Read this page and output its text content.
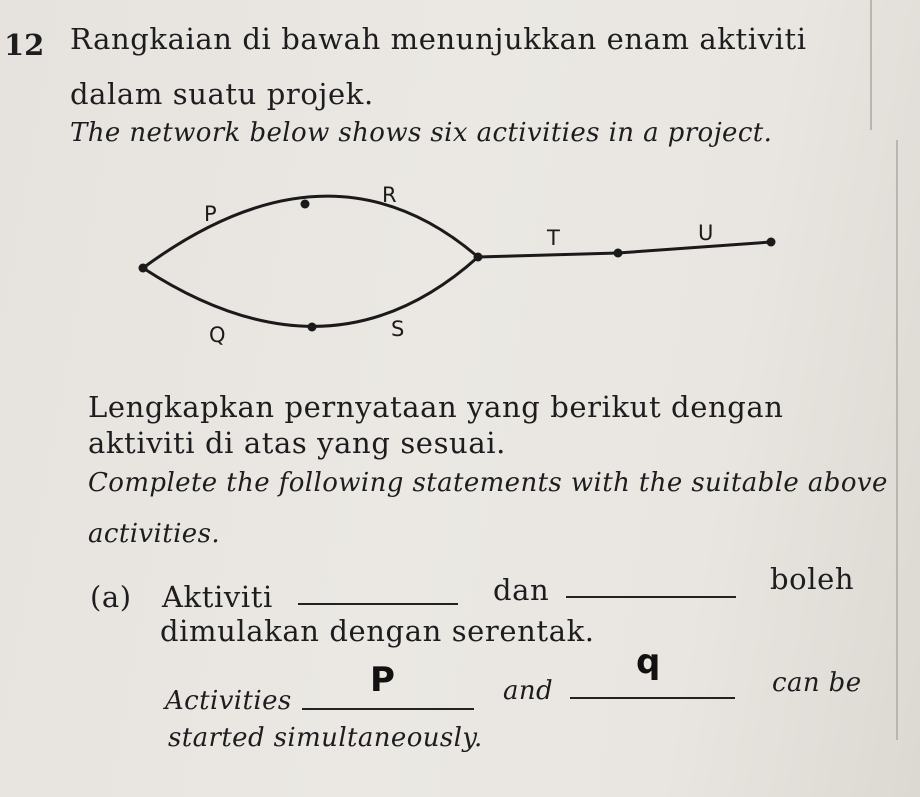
12 Rangkaian di bawah menunjukkan enam aktiviti
dalam suatu projek.
The network below shows six activities in a project.
P
R
T	U
Q	S
Lengkapkan pernyataan yang berikut dengan
aktiviti di atas yang sesuai.
Complete the following statements with the suitable above
activities.
(a) Aktiviti	dan	boleh
dimulakan dengan serentak.
Activities
P	and
q
can be
started simultaneously.
